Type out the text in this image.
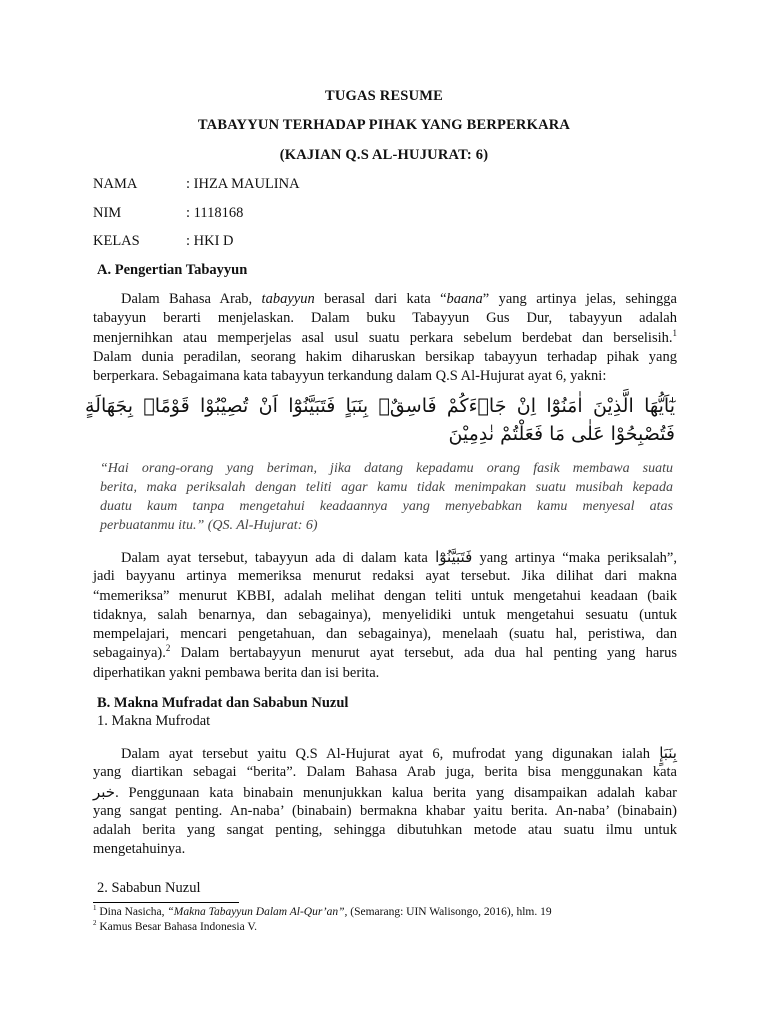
TUGAS RESUME
TABAYYUN TERHADAP PIHAK YANG BERPERKARA
(KAJIAN Q.S AL-HUJURAT: 6)
NAMA	: IHZA MAULINA
NIM	: 1118168
KELAS	: HKI D
A. Pengertian Tabayyun
Dalam Bahasa Arab, tabayyun berasal dari kata “baana” yang artinya jelas, sehingga
tabayyun berarti menjelaskan. Dalam buku Tabayyun Gus Dur, tabayyun adalah
menjernihkan atau memperjelas asal usul suatu perkara sebelum berdebat dan berselisih.$^1$
Dalam dunia peradilan, seorang hakim diharuskan bersikap tabayyun terhadap pihak yang
berperkara. Sebagaimana kata tabayyun terkandung dalam Q.S Al-Hujurat ayat 6, yakni:
يٰٓاَيُّهَا الَّذِيْنَ اٰمَنُوْٓا اِنْ جَاۤءَكُمْ فَاسِقٌۢ بِنَبَاٍ فَتَبَيَّنُوْٓا اَنْ تُصِيْبُوْا قَوْمًاۢ بِجَهَالَةٍ فَتُصْبِحُوْا عَلٰى مَا فَعَلْتُمْ نٰدِمِيْنَ
“Hai orang-orang yang beriman, jika datang kepadamu orang fasik membawa suatu
berita, maka periksalah dengan teliti agar kamu tidak menimpakan suatu musibah kepada
duatu kaum tanpa mengetahui keadaannya yang menyebabkan kamu menyesal atas
perbuatanmu itu.” (QS. Al-Hujurat: 6)
Dalam ayat tersebut, tabayyun ada di dalam kata فَتَبَيَّنُوْٓا yang artinya “maka periksalah”,
jadi bayyanu artinya memeriksa menurut redaksi ayat tersebut. Jika dilihat dari makna
“memeriksa” menurut KBBI, adalah melihat dengan teliti untuk mengetahui keadaan (baik
tidaknya, salah benarnya, dan sebagainya), menyelidiki untuk mengetahui sesuatu (untuk
mempelajari, mencari pengetahuan, dan sebagainya), menelaah (suatu hal, peristiwa, dan
sebagainya).$^2$ Dalam bertabayyun menurut ayat tersebut, ada dua hal penting yang harus
diperhatikan yakni pembawa berita dan isi berita.
B. Makna Mufradat dan Sababun Nuzul
1. Makna Mufrodat
Dalam ayat tersebut yaitu Q.S Al-Hujurat ayat 6, mufrodat yang digunakan ialah بِنَبَإٍ
yang diartikan sebagai “berita”. Dalam Bahasa Arab juga, berita bisa menggunakan kata
خبر. Penggunaan kata binabain menunjukkan kalua berita yang disampaikan adalah kabar
yang sangat penting. An-naba’ (binabain) bermakna khabar yaitu berita. An-naba’ (binabain)
adalah berita yang sangat penting, sehingga dibutuhkan metode atau suatu ilmu untuk
mengetahuinya.
2. Sababun Nuzul
$^1$ Dina Nasicha, “Makna Tabayyun Dalam Al-Qur’an”, (Semarang: UIN Walisongo, 2016), hlm. 19
$^2$ Kamus Besar Bahasa Indonesia V.
